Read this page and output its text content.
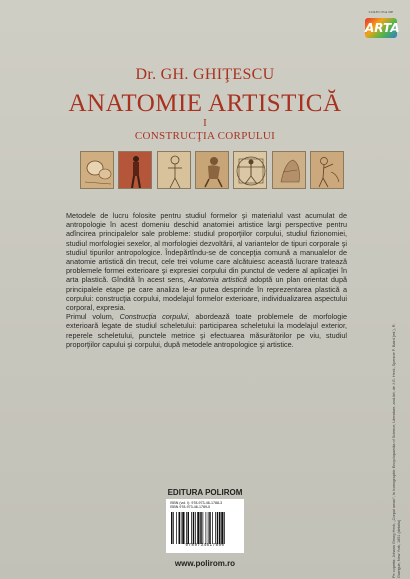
COLECTIA DE
ARTA
Dr. GH. GHIŢESCU
ANATOMIE ARTISTICĂ
I
CONSTRUCŢIA CORPULUI

Metodele de lucru folosite pentru studiul formelor şi materialul vast acumulat de antropologie în acest domeniu deschid anatomiei artistice largi perspective pentru adîncirea principalelor sale probleme: studiul proporţiilor corpului, studiul fizionomiei, studiul morfologiei sexelor, al morfologiei dezvoltării, al variantelor de tipuri corporale şi studiul tipurilor antropologice. Îndepărtîndu-se de concepţia comună a manualelor de anatomie artistică din trecut, cele trei volume care alcătuiesc această lucrare tratează problemele formei exterioare şi expresiei corpului din punctul de vedere al aplicaţiei în arta plastică. Gîndită în acest sens, Anatomia artistică adoptă un plan orientat după principalele etape pe care analiza le-ar putea desprinde în reprezentarea plastică a corpului: construcţia corpului, modelajul formelor exterioare, individualizarea aspectului corporal, expresia.

Primul volum, Construcţia corpului, abordează toate problemele de morfologie exterioară legate de studiul scheletului: participarea scheletului la modelajul exterior, reperele scheletului, punctele metrice şi efectuarea măsurătorilor pe viu, studiul proporţiilor capului şi corpului, după metodele antropologice şi artistice.

EDITURA POLIROM
ISBN (vol. I): 978-973-46-1788-3
ISBN 978-973-46-1789-0
9789734617890
www.polirom.ro	Pe coperta: Johann Georg Heck, „Corpul uman”, în Iconographic Encyclopaedia of Science, Literature, and Art, de J.G. Heck, Spencer F. Baird (ed.), R. Garrigue, New York, 1851 (detaliu)
